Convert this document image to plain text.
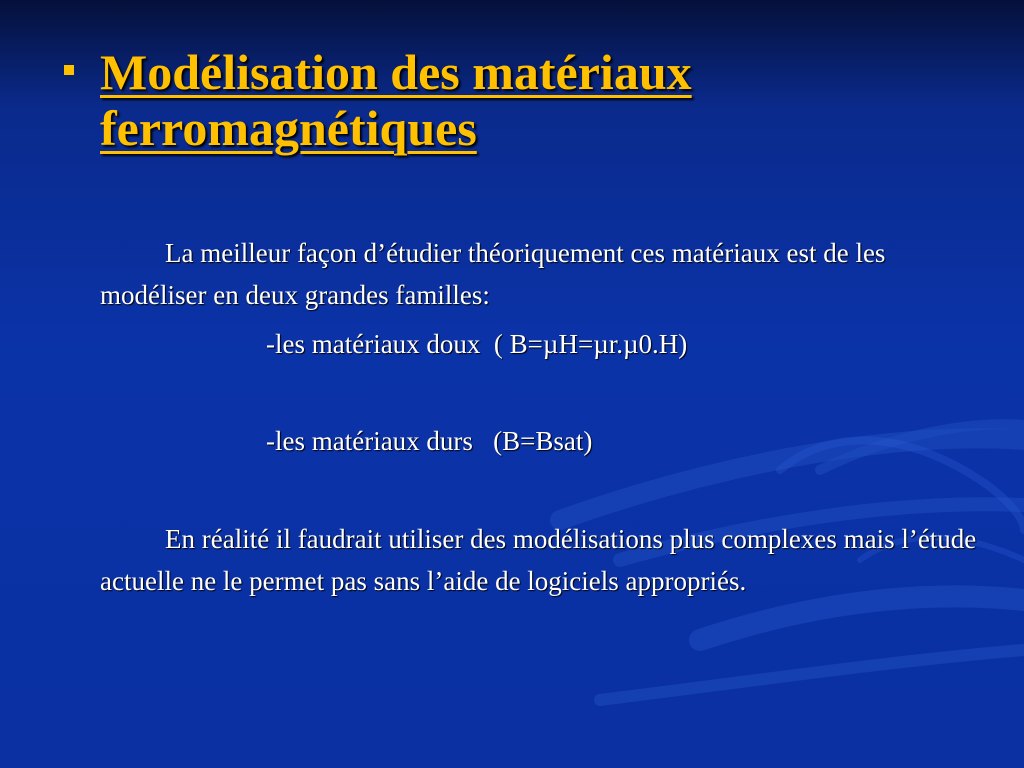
Modélisation des matériaux
ferromagnétiques

La meilleur façon d’étudier théoriquement ces matériaux est de les modéliser en deux grandes familles:

-les matériaux doux  ( B=µH=µr.µ0.H)

-les matériaux durs   (B=Bsat)

En réalité il faudrait utiliser des modélisations plus complexes mais l’étude actuelle ne le permet pas sans l’aide de logiciels appropriés.
